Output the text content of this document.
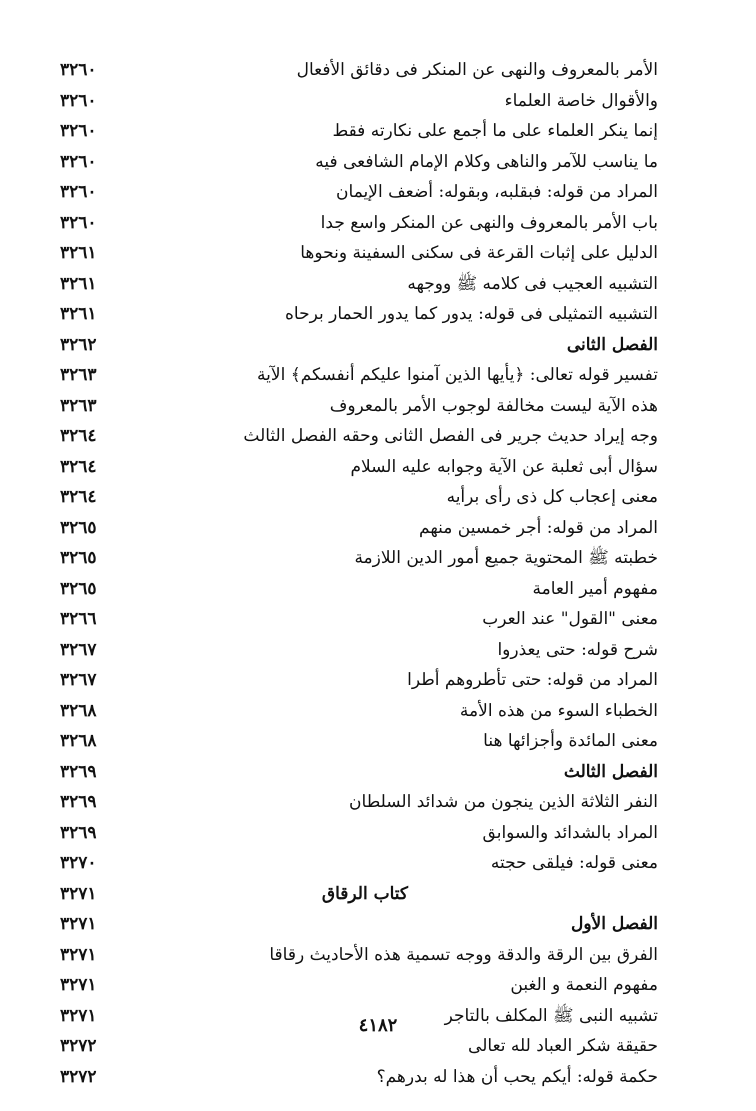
الأمر بالمعروف والنهى عن المنكر فى دقائق الأفعال
٣٢٦٠
والأقوال خاصة العلماء
٣٢٦٠
إنما ينكر العلماء على ما أجمع على نكارته فقط
٣٢٦٠
ما يناسب للآمر والناهى وكلام الإمام الشافعى فيه
٣٢٦٠
المراد من قوله: فبقلبه، وبقوله: أضعف الإيمان
٣٢٦٠
باب الأمر بالمعروف والنهى عن المنكر واسع جدا
٣٢٦٠
الدليل على إثبات القرعة فى سكنى السفينة ونحوها
٣٢٦١
التشبيه العجيب فى كلامه ﷺ ووجهه
٣٢٦١
التشبيه التمثيلى فى قوله: يدور كما يدور الحمار برحاه
٣٢٦١
الفصل الثانى
٣٢٦٢
تفسير قوله تعالى: ﴿يأيها الذين آمنوا عليكم أنفسكم﴾ الآية
٣٢٦٣
هذه الآية ليست مخالفة لوجوب الأمر بالمعروف
٣٢٦٣
وجه إيراد حديث جرير فى الفصل الثانى وحقه الفصل الثالث
٣٢٦٤
سؤال أبى ثعلبة عن الآية وجوابه عليه السلام
٣٢٦٤
معنى إعجاب كل ذى رأى برأيه
٣٢٦٤
المراد من قوله: أجر خمسين منهم
٣٢٦٥
خطبته ﷺ المحتوية جميع أمور الدين اللازمة
٣٢٦٥
مفهوم أمير العامة
٣٢٦٥
معنى "القول" عند العرب
٣٢٦٦
شرح قوله: حتى يعذروا
٣٢٦٧
المراد من قوله: حتى تأطروهم أطرا
٣٢٦٧
الخطباء السوء من هذه الأمة
٣٢٦٨
معنى المائدة وأجزائها هنا
٣٢٦٨
الفصل الثالث
٣٢٦٩
النفر الثلاثة الذين ينجون من شدائد السلطان
٣٢٦٩
المراد بالشدائد والسوابق
٣٢٦٩
معنى قوله: فيلقى حجته
٣٢٧٠
كتاب الرقاق
٣٢٧١
الفصل الأول
٣٢٧١
الفرق بين الرقة والدقة ووجه تسمية هذه الأحاديث رقاقا
٣٢٧١
مفهوم النعمة و الغبن
٣٢٧١
تشبيه النبى ﷺ المكلف بالتاجر
٣٢٧١
حقيقة شكر العباد لله تعالى
٣٢٧٢
حكمة قوله: أيكم يحب أن هذا له بدرهم؟
٣٢٧٢
٤١٨٢
